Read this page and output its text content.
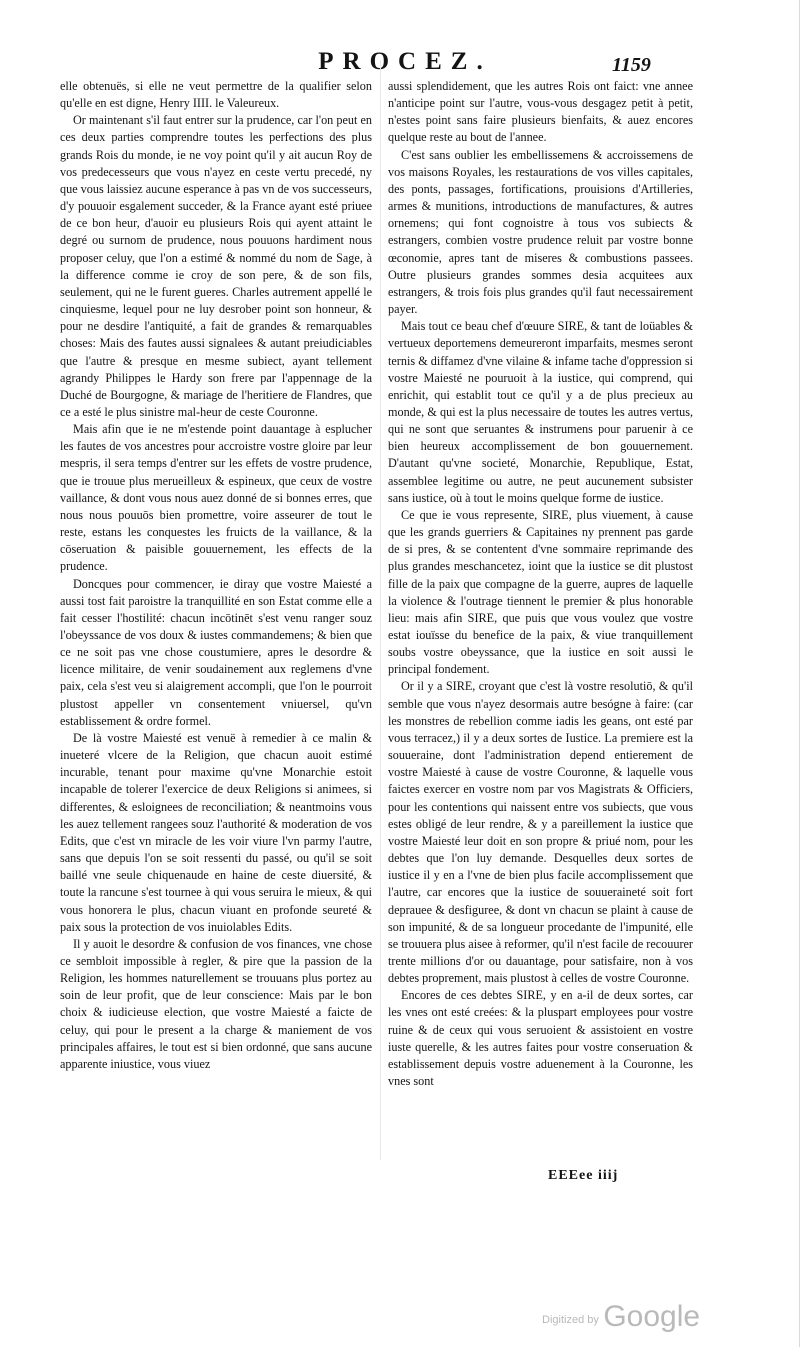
PROCEZ.	1159

elle obtenuës, si elle ne veut permettre de la qualifier selon qu'elle en est digne, Henry IIII. le Valeureux.

Or maintenant s'il faut entrer sur la prudence, car l'on peut en ces deux parties comprendre toutes les perfections des plus grands Rois du monde, ie ne voy point qu'il y ait aucun Roy de vos predecesseurs que vous n'ayez en ceste vertu precedé, ny que vous laissiez aucune esperance à pas vn de vos successeurs, d'y pouuoir esgalement succeder, & la France ayant esté priuee de ce bon heur, d'auoir eu plusieurs Rois qui ayent attaint le degré ou surnom de prudence, nous pouuons hardiment nous proposer celuy, que l'on a estimé & nommé du nom de Sage, à la difference comme ie croy de son pere, & de son fils, seulement, qui ne le furent gueres. Charles autrement appellé le cinquiesme, lequel pour ne luy desrober point son honneur, & pour ne desdire l'antiquité, a fait de grandes & remarquables choses: Mais des fautes aussi signalees & autant preiudiciables que l'autre & presque en mesme subiect, ayant tellement agrandy Philippes le Hardy son frere par l'appennage de la Duché de Bourgogne, & mariage de l'heritiere de Flandres, que ce a esté le plus sinistre mal-heur de ceste Couronne.

Mais afin que ie ne m'estende point dauantage à esplucher les fautes de vos ancestres pour accroistre vostre gloire par leur mespris, il sera temps d'entrer sur les effets de vostre prudence, que ie trouue plus merueilleux & espineux, que ceux de vostre vaillance, & dont vous nous auez donné de si bonnes erres, que nous nous pouuōs bien promettre, voire asseurer de tout le reste, estans les conquestes les fruicts de la vaillance, & la cōseruation & paisible gouuernement, les effects de la prudence.

Doncques pour commencer, ie diray que vostre Maiesté a aussi tost fait paroistre la tranquillité en son Estat comme elle a fait cesser l'hostilité: chacun incōtinēt s'est venu ranger souz l'obeyssance de vos doux & iustes commandemens; & bien que ce ne soit pas vne chose coustumiere, apres le desordre & licence militaire, de venir soudainement aux reglemens d'vne paix, cela s'est veu si alaigrement accompli, que l'on le pourroit plustost appeller vn consentement vniuersel, qu'vn establissement & ordre formel.

De là vostre Maiesté est venuë à remedier à ce malin & inueteré vlcere de la Religion, que chacun auoit estimé incurable, tenant pour maxime qu'vne Monarchie estoit incapable de tolerer l'exercice de deux Religions si animees, si differentes, & esloignees de reconciliation; & neantmoins vous les auez tellement rangees souz l'authorité & moderation de vos Edits, que c'est vn miracle de les voir viure l'vn parmy l'autre, sans que depuis l'on se soit ressenti du passé, ou qu'il se soit baillé vne seule chiquenaude en haine de ceste diuersité, & toute la rancune s'est tournee à qui vous seruira le mieux, & qui vous honorera le plus, chacun viuant en profonde seureté & paix sous la protection de vos inuiolables Edits.

Il y auoit le desordre & confusion de vos finances, vne chose ce sembloit impossible à regler, & pire que la passion de la Religion, les hommes naturellement se trouuans plus portez au soin de leur profit, que de leur conscience: Mais par le bon choix & iudicieuse election, que vostre Maiesté a faicte de celuy, qui pour le present a la charge & maniement de vos principales affaires, le tout est si bien ordonné, que sans aucune apparente iniustice, vous viuez

aussi splendidement, que les autres Rois ont faict: vne annee n'anticipe point sur l'autre, vous-vous desgagez petit à petit, n'estes point sans faire plusieurs bienfaits, & auez encores quelque reste au bout de l'annee.

C'est sans oublier les embellissemens & accroissemens de vos maisons Royales, les restaurations de vos villes capitales, des ponts, passages, fortifications, prouisions d'Artilleries, armes & munitions, introductions de manufactures, & autres ornemens; qui font cognoistre à tous vos subiects & estrangers, combien vostre prudence reluit par vostre bonne œconomie, apres tant de miseres & combustions passees. Outre plusieurs grandes sommes desia acquitees aux estrangers, & trois fois plus grandes qu'il faut necessairement payer.

Mais tout ce beau chef d'œuure SIRE, & tant de loüables & vertueux deportemens demeureront imparfaits, mesmes seront ternis & diffamez d'vne vilaine & infame tache d'oppression si vostre Maiesté ne pouruoit à la iustice, qui comprend, qui enrichit, qui establit tout ce qu'il y a de plus precieux au monde, & qui est la plus necessaire de toutes les autres vertus, qui ne sont que seruantes & instrumens pour paruenir à ce bien heureux accomplissement de bon gouuernement. D'autant qu'vne societé, Monarchie, Republique, Estat, assemblee legitime ou autre, ne peut aucunement subsister sans iustice, où à tout le moins quelque forme de iustice.

Ce que ie vous represente, SIRE, plus viuement, à cause que les grands guerriers & Capitaines ny prennent pas garde de si pres, & se contentent d'vne sommaire reprimande des plus grandes meschancetez, ioint que la iustice se dit plustost fille de la paix que compagne de la guerre, aupres de laquelle la violence & l'outrage tiennent le premier & plus honorable lieu: mais afin SIRE, que puis que vous voulez que vostre estat iouïsse du benefice de la paix, & viue tranquillement soubs vostre obeyssance, que la iustice en soit aussi le principal fondement.

Or il y a SIRE, croyant que c'est là vostre resolutiō, & qu'il semble que vous n'ayez desormais autre besógne à faire: (car les monstres de rebellion comme iadis les geans, ont esté par vous terracez,) il y a deux sortes de Iustice. La premiere est la souueraine, dont l'administration depend entierement de vostre Maiesté à cause de vostre Couronne, & laquelle vous faictes exercer en vostre nom par vos Magistrats & Officiers, pour les contentions qui naissent entre vos subiects, que vous estes obligé de leur rendre, & y a pareillement la iustice que vostre Maiesté leur doit en son propre & priué nom, pour les debtes que l'on luy demande. Desquelles deux sortes de iustice il y en a l'vne de bien plus facile accomplissement que l'autre, car encores que la iustice de souueraineté soit fort deprauee & desfiguree, & dont vn chacun se plaint à cause de son impunité, & de sa longueur procedante de l'impunité, elle se trouuera plus aisee à reformer, qu'il n'est facile de recouurer trente millions d'or ou dauantage, pour satisfaire, non à vos debtes proprement, mais plustost à celles de vostre Couronne.

Encores de ces debtes SIRE, y en a-il de deux sortes, car les vnes ont esté creées: & la pluspart employees pour vostre ruine & de ceux qui vous seruoient & assistoient en vostre iuste querelle, & les autres faites pour vostre conseruation & establissement depuis vostre aduenement à la Couronne, les vnes sont

EEEee iiij
Digitized by Google
